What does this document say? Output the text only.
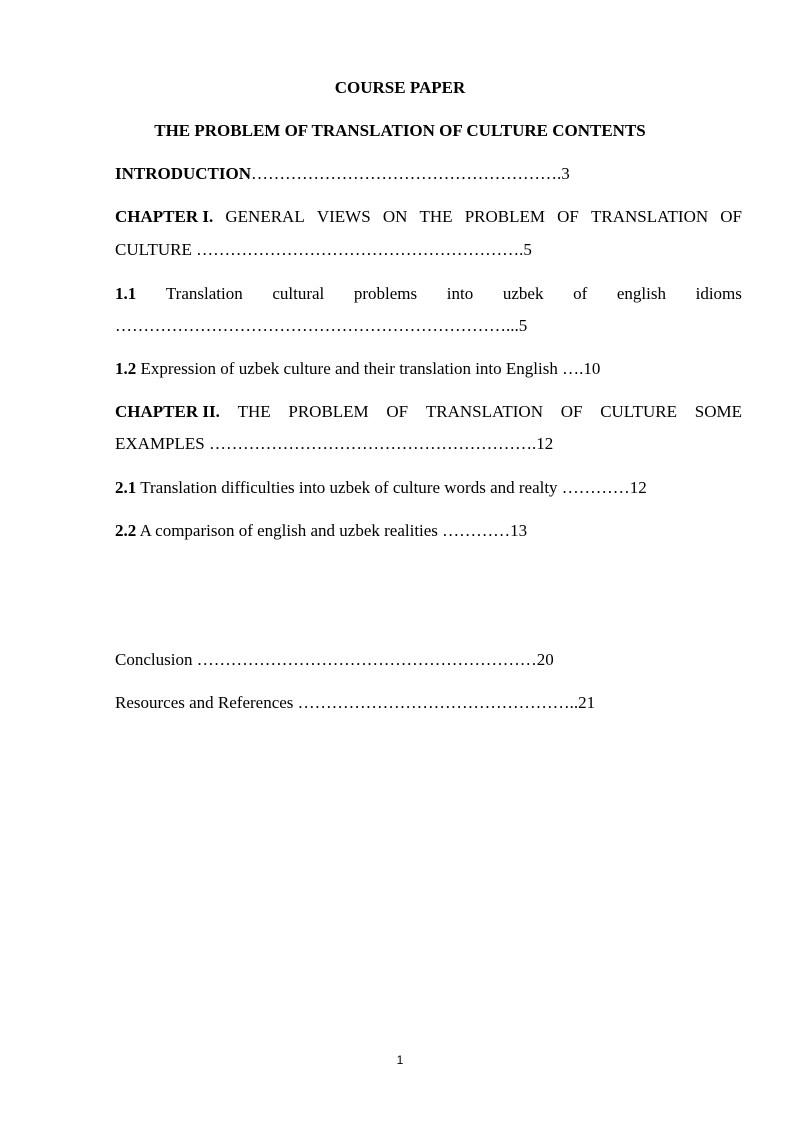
COURSE PAPER
THE PROBLEM OF TRANSLATION OF CULTURE CONTENTS
INTRODUCTION……………………………………………….3
CHAPTER I. GENERAL VIEWS ON THE PROBLEM OF TRANSLATION OF
CULTURE ………………………………………………….5
1.1 Translation cultural problems into uzbek of english idioms
……………………………………………………………...5
1.2 Expression of uzbek culture and their translation into English ….10
CHAPTER II. THE PROBLEM OF TRANSLATION OF CULTURE SOME
EXAMPLES ………………………………………………….12
2.1 Translation difficulties into uzbek of culture words and realty …………12
2.2 A comparison of english and uzbek realities …………13
Conclusion ……………………………………………………20
Resources and References …………………………………………..21
1
